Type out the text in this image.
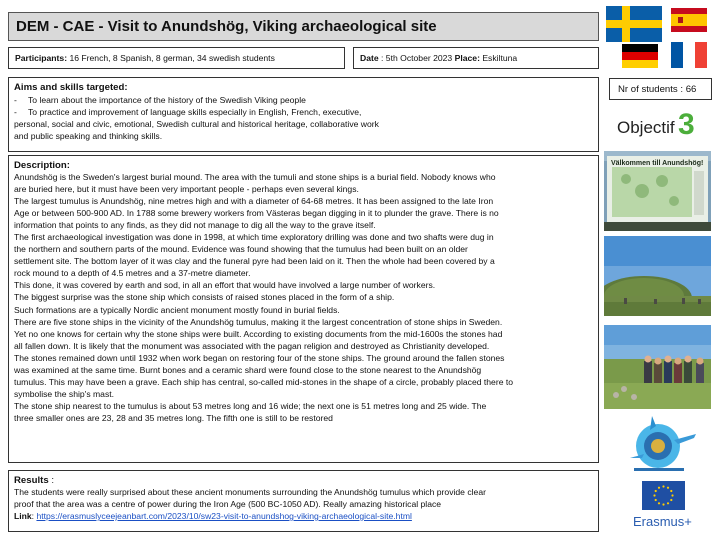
DEM - CAE - Visit to Anundshög, Viking archaeological site
Participants: 16 French, 8 Spanish, 8 german, 34 swedish students	Date : 5th October 2023 Place: Eskiltuna
Aims and skills targeted:
- To learn about the importance of the history of the Swedish Viking people
- To practice and improvement of language skills especially in English, French, executive,
personal, social and civic, emotional, Swedish cultural and historical heritage, collaborative work
and public speaking and thinking skills.
Description:
Anundshög is the Sweden's largest burial mound. The area with the tumuli and stone ships is a burial field. Nobody knows who
are buried here, but it must have been very important people - perhaps even several kings.
The largest tumulus is Anundshög, nine metres high and with a diameter of 64-68 metres. It has been assigned to the late Iron
Age or between 500-900 AD. In 1788 some brewery workers from Västeras began digging in it to plunder the grave. There is no
information that points to any finds, as they did not manage to dig all the way to the grave itself.
The first archaeological investigation was done in 1998, at which time exploratory drilling was done and two shafts were dug in
the northern and southern parts of the mound. Evidence was found showing that the tumulus had been built on an older
settlement site. The bottom layer of it was clay and the funeral pyre had been laid on it. Then the whole had been covered by a
rock mound to a depth of 4.5 metres and a 37-metre diameter.
This done, it was covered by earth and sod, in all an effort that would have involved a large number of workers.
The biggest surprise was the stone ship which consists of raised stones placed in the form of a ship.
Such formations are a typically Nordic ancient monument mostly found in burial fields.
There are five stone ships in the vicinity of the Anundshög tumulus, making it the largest concentration of stone ships in Sweden.
Yet no one knows for certain why the stone ships were built. According to existing documents from the mid-1600s the stones had
all fallen down. It is likely that the monument was associated with the pagan religion and destroyed as Christianity developed.
The stones remained down until 1932 when work began on restoring four of the stone ships. The ground around the fallen stones
was examined at the same time. Burnt bones and a ceramic shard were found close to the stone nearest to the Anundshög
tumulus. This may have been a grave. Each ship has central, so-called mid-stones in the shape of a circle, probably placed there to
symbolise the ship's mast.
The stone ship nearest to the tumulus is about 53 metres long and 16 wide; the next one is 51 metres long and 25 wide. The
three smaller ones are 23, 28 and 35 metres long. The fifth one is still to be restored
Results :
The students were really surprised about these ancient monuments surrounding the Anundshög tumulus which provide clear
proof that the area was a centre of power during the Iron Age (500 BC-1050 AD). Really amazing historical place
Link: https://erasmuslyceejeanbart.com/2023/10/sw23-visit-to-anundshog-viking-archaeological-site.html
Nr of students : 66
Objectif 3
Välkommen till Anundshög!
Erasmus+
